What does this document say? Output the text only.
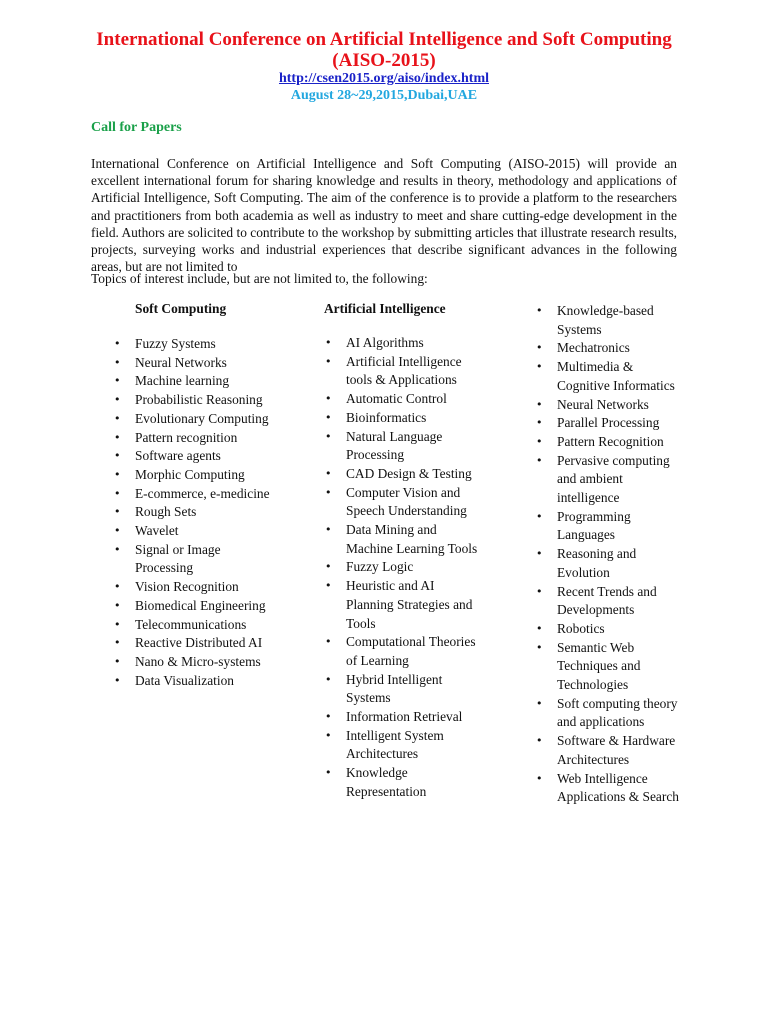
International Conference on Artificial Intelligence and Soft Computing
(AISO-2015)
http://csen2015.org/aiso/index.html
August 28~29,2015,Dubai,UAE
Call for Papers

International Conference on Artificial Intelligence and Soft Computing (AISO-2015) will provide an excellent international forum for sharing knowledge and results in theory, methodology and applications of Artificial Intelligence, Soft Computing. The aim of the conference is to provide a platform to the researchers and practitioners from both academia as well as industry to meet and share cutting-edge development in the field. Authors are solicited to contribute to the workshop by submitting articles that illustrate research results, projects, surveying works and industrial experiences that describe significant advances in the following areas, but are not limited to

Topics of interest include, but are not limited to, the following:

Soft Computing
• Fuzzy Systems
• Neural Networks
• Machine learning
• Probabilistic Reasoning
• Evolutionary Computing
• Pattern recognition
• Software agents
• Morphic Computing
• E-commerce, e-medicine
• Rough Sets
• Wavelet
• Signal or Image Processing
• Vision Recognition
• Biomedical Engineering
• Telecommunications
• Reactive Distributed AI
• Nano & Micro-systems
• Data Visualization
Artificial Intelligence
• AI Algorithms
• Artificial Intelligence tools & Applications
• Automatic Control
• Bioinformatics
• Natural Language Processing
• CAD Design & Testing
• Computer Vision and Speech Understanding
• Data Mining and Machine Learning Tools
• Fuzzy Logic
• Heuristic and AI Planning Strategies and Tools
• Computational Theories of Learning
• Hybrid Intelligent Systems
• Information Retrieval
• Intelligent System Architectures
• Knowledge Representation
• Knowledge-based Systems
• Mechatronics
• Multimedia & Cognitive Informatics
• Neural Networks
• Parallel Processing
• Pattern Recognition
• Pervasive computing and ambient intelligence
• Programming Languages
• Reasoning and Evolution
• Recent Trends and Developments
• Robotics
• Semantic Web Techniques and Technologies
• Soft computing theory and applications
• Software & Hardware Architectures
• Web Intelligence Applications & Search
